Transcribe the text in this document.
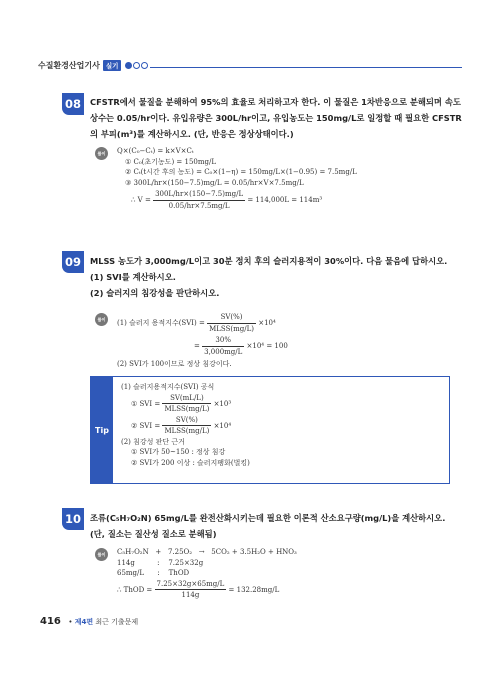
수질환경산업기사 실기
08	CFSTR에서 물질을 분해하여 95%의 효율로 처리하고자 한다. 이 물질은 1차반응으로 분해되며 속도상수는 0.05/hr이다. 유입유량은 300L/hr이고, 유입농도는 150mg/L로 일정할 때 필요한 CFSTR의 부피(m³)를 계산하시오. (단, 반응은 정상상태이다.)
풀이	Q×(C₀−Cₜ) = k×V×Cₜ
① C₀(초기농도) = 150mg/L
② Cₜ(t시간 후의 농도) = C₀×(1−η) = 150mg/L×(1−0.95) = 7.5mg/L
③ 300L/hr×(150−7.5)mg/L = 0.05/hr×V×7.5mg/L
∴ $V = \frac{300L/hr\times(150-7.5)mg/L}{0.05/hr\times 7.5mg/L} = 114,000L = 114m^3$
09	MLSS 농도가 3,000mg/L이고 30분 정치 후의 슬러지용적이 30%이다. 다음 물음에 답하시오.
(1) SVI를 계산하시오.
(2) 슬러지의 침강성을 판단하시오.
풀이	(1) 슬러지 용적지수$(SVI) = \frac{SV(\%)}{\text{MLSS(mg/L)}} \times 10^4$
= $\frac{30\%}{3,000mg/L} \times 10^4 = 100$
(2) SVI가 100이므로 정상 침강이다.
Tip
(1) 슬러지용적지수(SVI) 공식
① SVI = $\frac{SV(mL/L)}{\text{MLSS(mg/L)}} \times 10^3$
② SVI = $\frac{SV(\%)}{\text{MLSS(mg/L)}} \times 10^4$
(2) 침강성 판단 근거
① SVI가 50~150 : 정상 침강
② SVI가 200 이상 : 슬러지팽화(벌킹)
10	조류(C₅H₇O₂N) 65mg/L를 완전산화시키는데 필요한 이론적 산소요구량(mg/L)을 계산하시오. (단, 질소는 질산성 질소로 분해됨)
풀이	C₅H₇O₂N   +   7.25O₂   →   5CO₂ + 3.5H₂O + HNO₃
114g          :    7.25×32g
65mg/L      :    ThOD
∴ ThOD = $\frac{7.25\times 32g\times 65mg/L}{114g} = 132.28mg/L$
416 • 제4편 최근 기출문제
